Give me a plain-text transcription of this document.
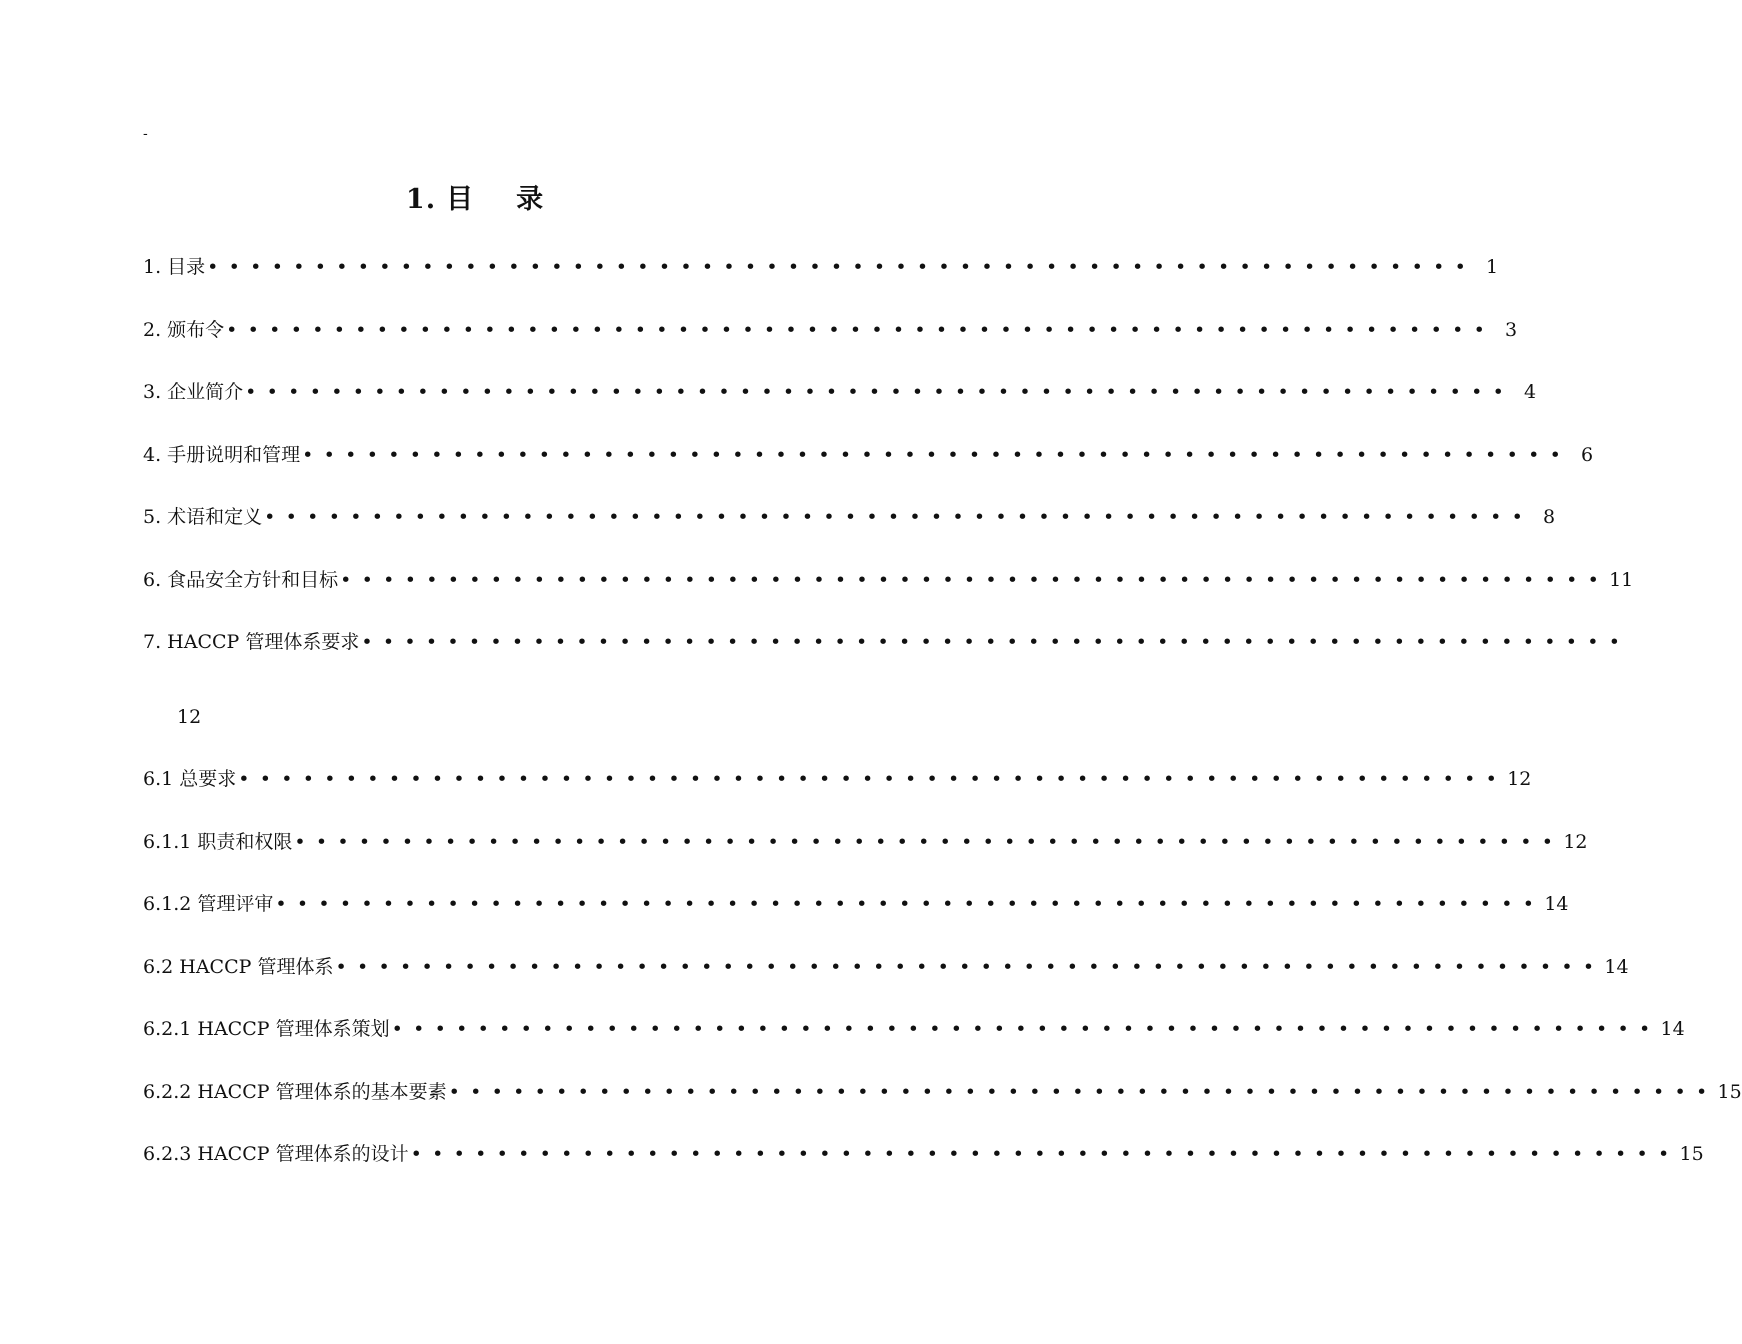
-
1. 目 录
1. 目录 ••••••••••••••••••••••••••••••••••••••••••••••••••••••••••• 1
2. 颁布令 ••••••••••••••••••••••••••••••••••••••••••••••••••••••••••• 3
3. 企业简介 ••••••••••••••••••••••••••••••••••••••••••••••••••••••••••• 4
4. 手册说明和管理 ••••••••••••••••••••••••••••••••••••••••••••••••••••••••••• 6
5. 术语和定义 ••••••••••••••••••••••••••••••••••••••••••••••••••••••••••• 8
6. 食品安全方针和目标 ••••••••••••••••••••••••••••••••••••••••••••••••••••••••••• 11
7. HACCP 管理体系要求 •••••••••••••••••••••••••••••••••••••••••••••••••••••••••••
6.1 总要求 ••••••••••••••••••••••••••••••••••••••••••••••••••••••••••• 12
6.1.1 职责和权限 ••••••••••••••••••••••••••••••••••••••••••••••••••••••••••• 12
6.1.2 管理评审 ••••••••••••••••••••••••••••••••••••••••••••••••••••••••••• 14
6.2 HACCP 管理体系 ••••••••••••••••••••••••••••••••••••••••••••••••••••••••••• 14
6.2.1 HACCP 管理体系策划 ••••••••••••••••••••••••••••••••••••••••••••••••••••••••••• 14
6.2.2 HACCP 管理体系的基本要素 ••••••••••••••••••••••••••••••••••••••••••••••••••••••••••• 15
6.2.3 HACCP 管理体系的设计 ••••••••••••••••••••••••••••••••••••••••••••••••••••••••••• 15
12
